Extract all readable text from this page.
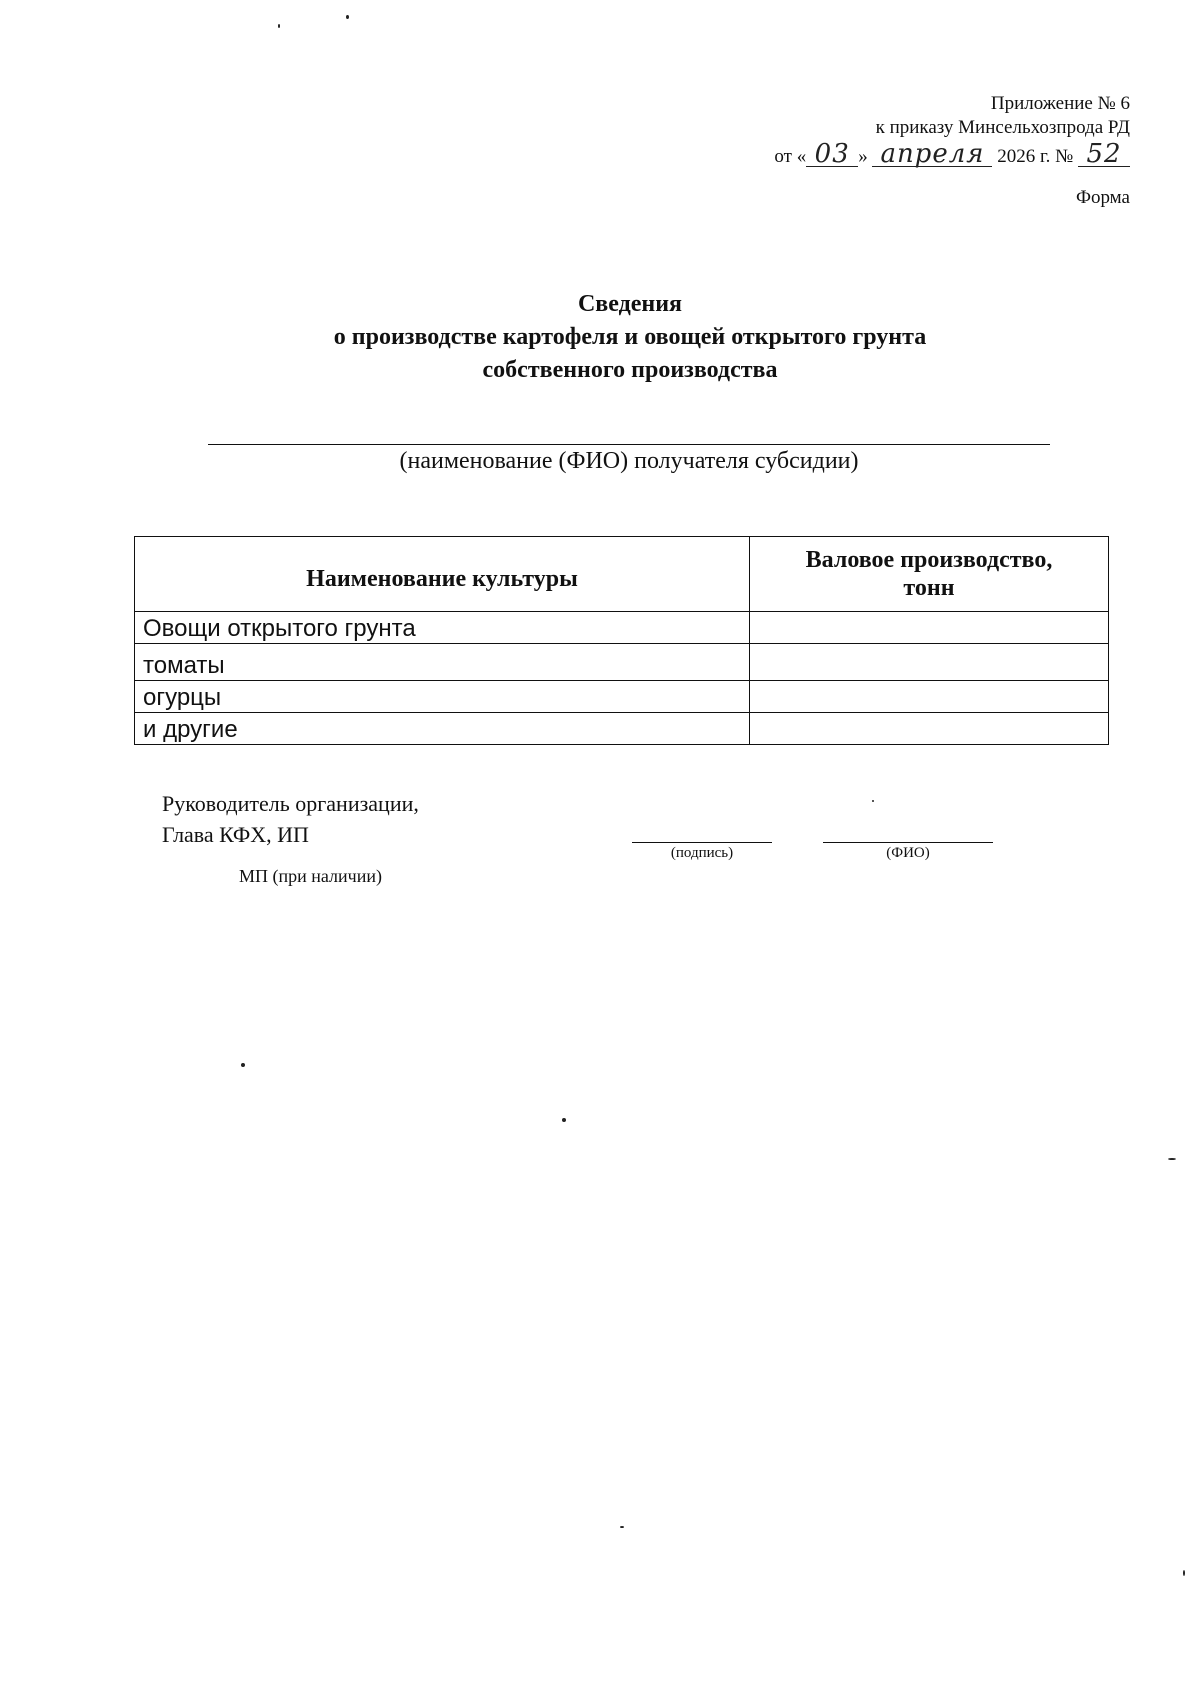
Приложение № 6
к приказу Минсельхозпрода РД
от « 03 » апреля 2026 г. № 52
Форма
Сведения
о производстве картофеля и овощей открытого грунта
собственного производства
(наименование (ФИО) получателя субсидии)
Наименование культуры	Валовое производство,
тонн

Овощи открытого грунта	
томаты	
огурцы	
и другие	
Руководитель организации,
Глава КФХ, ИП
(подпись)	(ФИО)
МП (при наличии)
